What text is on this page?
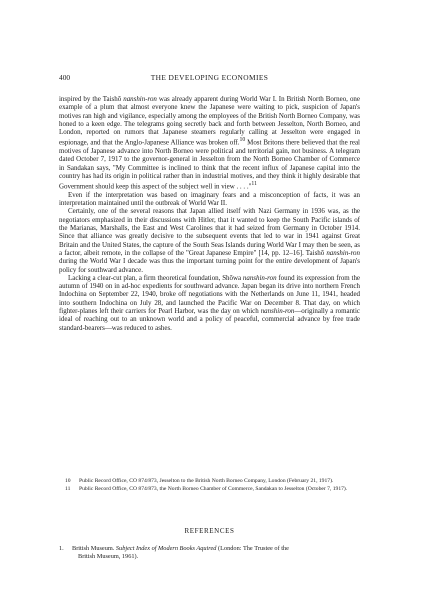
400	THE DEVELOPING ECONOMIES

inspired by the Taishō nanshin-ron was already apparent during World War I. In British North Borneo, one example of a plum that almost everyone knew the Japanese were waiting to pick, suspicion of Japan's motives ran high and vigilance, especially among the employees of the British North Borneo Company, was honed to a keen edge. The telegrams going secretly back and forth between Jesselton, North Borneo, and London, reported on rumors that Japanese steamers regularly calling at Jesselton were engaged in espionage, and that the Anglo-Japanese Alliance was broken off.$^{10}$ Most Britons there believed that the real motives of Japanese advance into North Borneo were political and territorial gain, not business. A telegram dated October 7, 1917 to the governor-general in Jesselton from the North Borneo Chamber of Commerce in Sandakan says, "My Committee is inclined to think that the recent influx of Japanese capital into the country has had its origin in political rather than in industrial motives, and they think it highly desirable that Government should keep this aspect of the subject well in view . . . ."$^{11}$

Even if the interpretation was based on imaginary fears and a misconception of facts, it was an interpretation maintained until the outbreak of World War II.

Certainly, one of the several reasons that Japan allied itself with Nazi Germany in 1936 was, as the negotiators emphasized in their discussions with Hitler, that it wanted to keep the South Pacific islands of the Marianas, Marshalls, the East and West Carolines that it had seized from Germany in October 1914. Since that alliance was greatly decisive to the subsequent events that led to war in 1941 against Great Britain and the United States, the capture of the South Seas Islands during World War I may then be seen, as a factor, albeit remote, in the collapse of the "Great Japanese Empire" [14, pp. 12–16]. Taishō nanshin-ron during the World War I decade was thus the important turning point for the entire development of Japan's policy for southward advance.

Lacking a clear-cut plan, a firm theoretical foundation, Shōwa nanshin-ron found its expression from the autumn of 1940 on in ad-hoc expedients for southward advance. Japan began its drive into northern French Indochina on September 22, 1940, broke off negotiations with the Netherlands on June 11, 1941, headed into southern Indochina on July 28, and launched the Pacific War on December 8. That day, on which fighter-planes left their carriers for Pearl Harbor, was the day on which nanshin-ron—originally a romantic ideal of reaching out to an unknown world and a policy of peaceful, commercial advance by free trade standard-bearers—was reduced to ashes.

10 Public Record Office, CO 874/873, Jesselton to the British North Borneo Company, London (February 21, 1917).
11 Public Record Office, CO 874/873, the North Borneo Chamber of Commerce, Sandakan to Jesselton (October 7, 1917).
REFERENCES
1. British Museum. Subject Index of Modern Books Aquired (London: The Trustee of the
British Museum, 1961).
